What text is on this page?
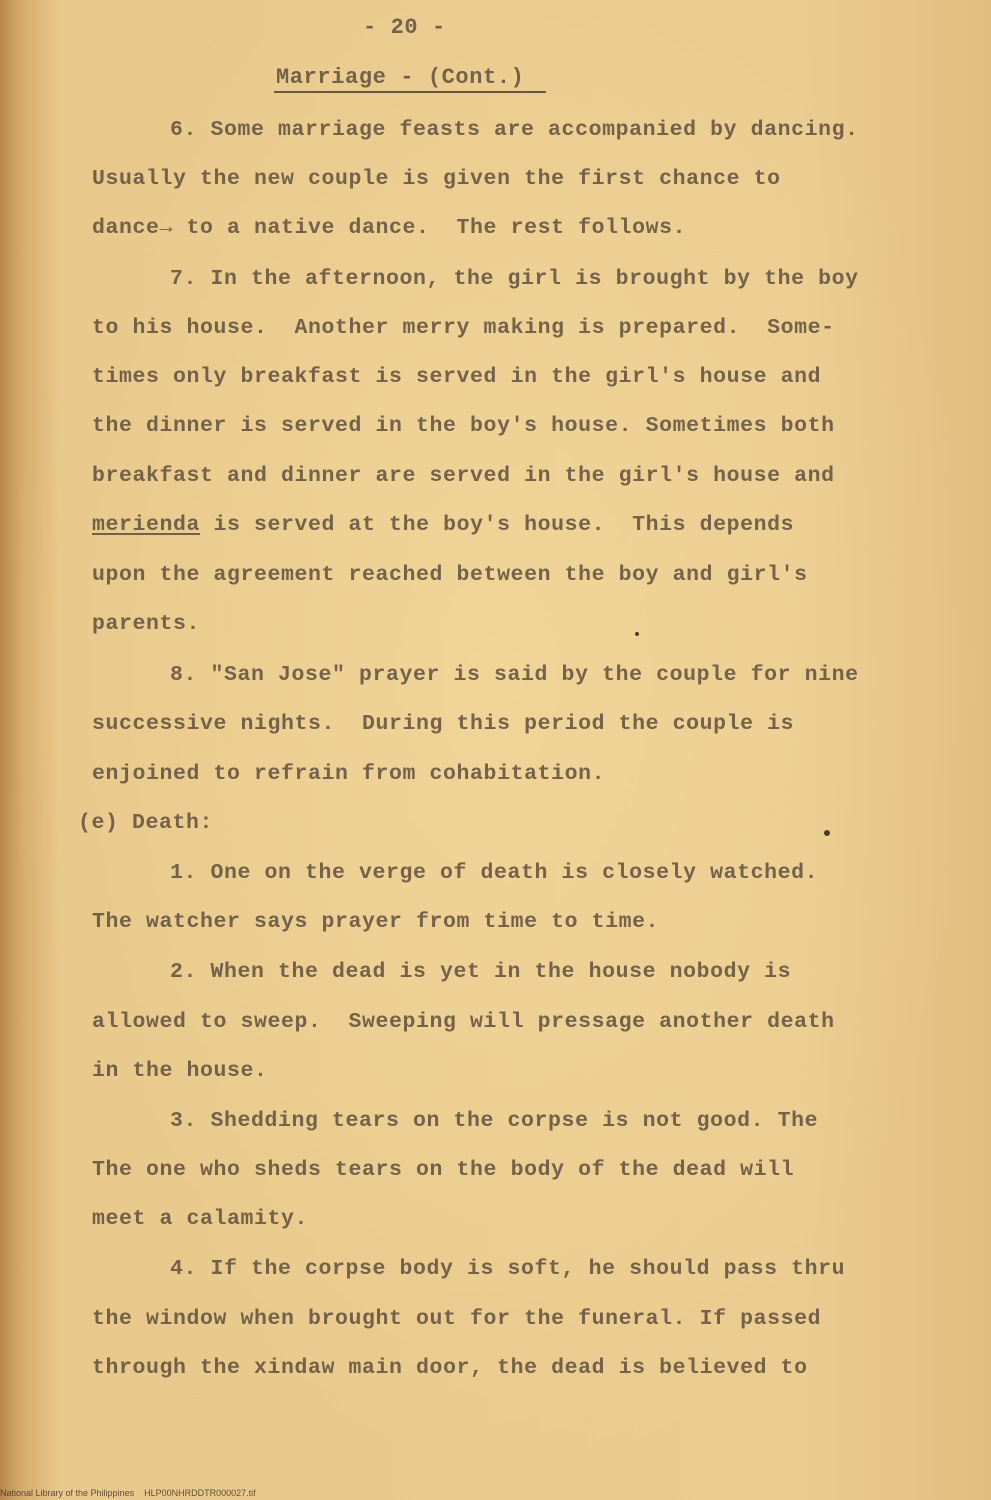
- 20 -
Marriage - (Cont.)
6. Some marriage feasts are accompanied by dancing.
Usually the new couple is given the first chance to
dance→ to a native dance.  The rest follows.
7. In the afternoon, the girl is brought by the boy
to his house.  Another merry making is prepared.  Some-
times only breakfast is served in the girl's house and
the dinner is served in the boy's house. Sometimes both
breakfast and dinner are served in the girl's house and
merienda is served at the boy's house.  This depends
upon the agreement reached between the boy and girl's
parents.
8. "San Jose" prayer is said by the couple for nine
successive nights.  During this period the couple is
enjoined to refrain from cohabitation.
(e) Death:
1. One on the verge of death is closely watched.
The watcher says prayer from time to time.
2. When the dead is yet in the house nobody is
allowed to sweep.  Sweeping will pressage another death
in the house.
3. Shedding tears on the corpse is not good. The
The one who sheds tears on the body of the dead will
meet a calamity.
4. If the corpse body is soft, he should pass thru
the window when brought out for the funeral. If passed
through the xindaw main door, the dead is believed to
National Library of the Philippines    HLP00NHRDDTR000027.tif
